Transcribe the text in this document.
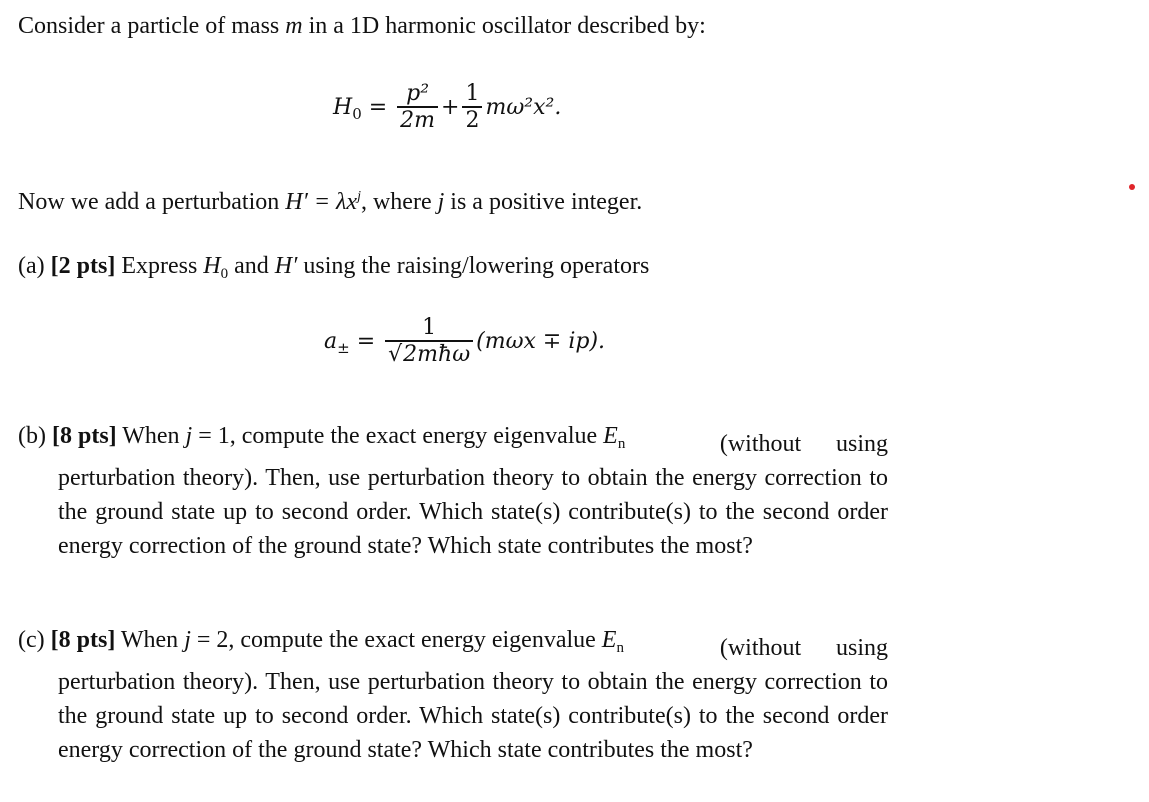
Consider a particle of mass m in a 1D harmonic oscillator described by:
$H_0 = \frac{\text{p²}}{2m} + \frac{1}{2} m\omega^2x^2$.
Now we add a perturbation $H' = \lambda x^j$, where j is a positive integer.
(a) [2 pts] Express $H_0$ and H′ using the raising/lowering operators
$a_\pm = \frac{1}{\text{√2mħω}} (m\omega x \mp ip)$.
(b) [8 pts] When j = 1, compute the exact energy eigenvalue $E_n$	(without using perturbation theory). Then, use perturbation theory to obtain the energy correction to the ground state up to second order. Which state(s) contribute(s) to the second order energy correction of the ground state? Which state contributes the most?
(c) [8 pts] When j = 2, compute the exact energy eigenvalue $E_n$	(without using perturbation theory). Then, use perturbation theory to obtain the energy correction to the ground state up to second order. Which state(s) contribute(s) to the second order energy correction of the ground state? Which state contributes the most?
